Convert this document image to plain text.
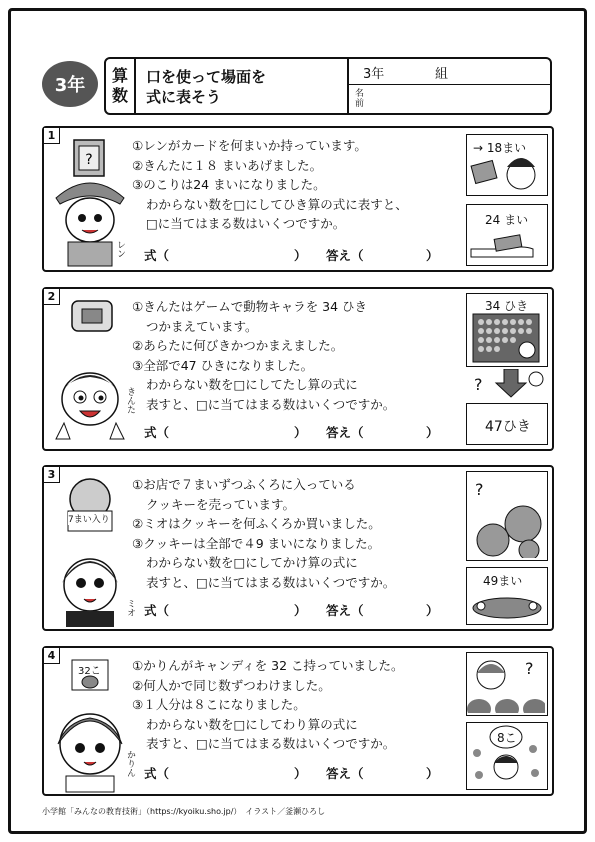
3年	算
数
口を使って場面を
式に表そう
3年	組
名
前
1
?
レン
①レンがカードを何まいか持っています。
②きんたに１８ まいあげました。
③のこりは24 まいになりました。
わからない数を□にしてひき算の式に表すと、
□に当てはまる数はいくつですか。
式（　　　　　　　　　　） 答え（　　　　　）
→ 18まい
24 まい
2
きんた
①きんたはゲームで動物キャラを 34 ひき
つかまえています。
②あらたに何びきかつかまえました。
③全部で47 ひきになりました。
わからない数を□にしてたし算の式に
表すと、□に当てはまる数はいくつですか。
式（　　　　　　　　　　） 答え（　　　　　）
34 ひき
?
47ひき
3
7まい入り
ミオ
①お店で７まいずつふくろに入っている
クッキーを売っています。
②ミオはクッキーを何ふくろか買いました。
③クッキーは全部で４9 まいになりました。
わからない数を□にしてかけ算の式に
表すと、□に当てはまる数はいくつですか。
式（　　　　　　　　　　） 答え（　　　　　）
?
49まい
4
32こ
かりん
①かりんがキャンディを 32 こ持っていました。
②何人かで同じ数ずつわけました。
③１人分は８こになりました。
わからない数を□にしてわり算の式に
表すと、□に当てはまる数はいくつですか。
式（　　　　　　　　　　） 答え（　　　　　）
?
8こ
小学館「みんなの教育技術」（https://kyoiku.sho.jp/）　イラスト／釜瀬ひろし
